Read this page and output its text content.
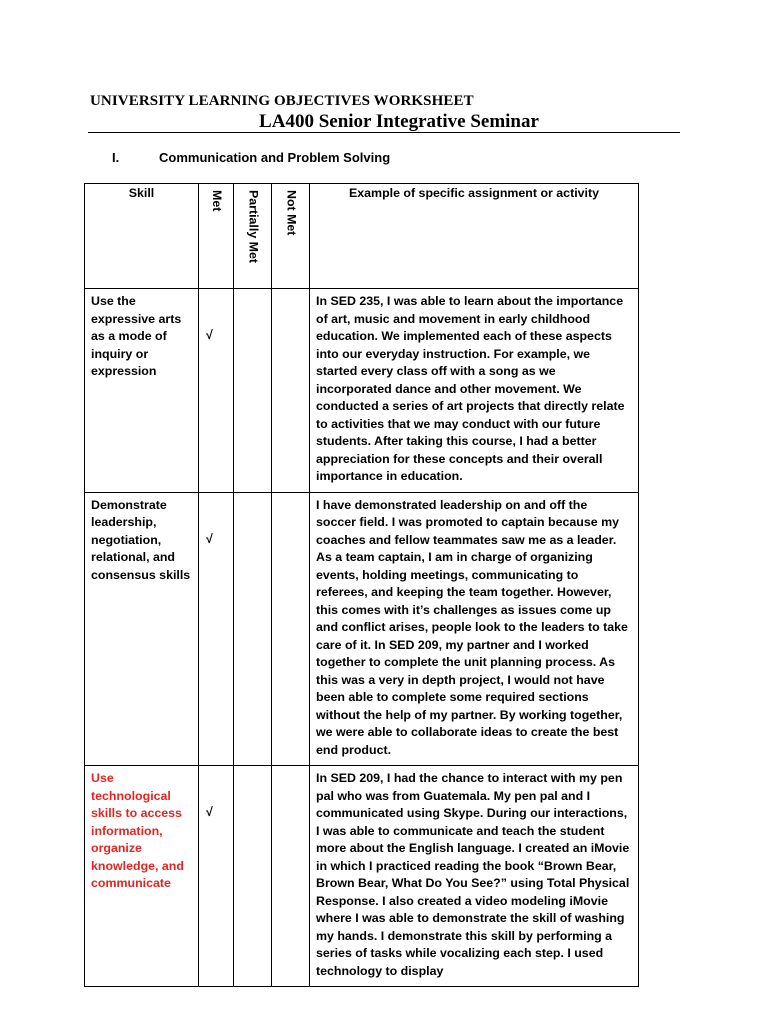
UNIVERSITY LEARNING OBJECTIVES WORKSHEET
LA400 Senior Integrative Seminar
I.	Communication and Problem Solving
Skill	Met	Partially Met	Not Met	Example of specific assignment or activity
Use the expressive arts as a mode of inquiry or expression	√			In SED 235, I was able to learn about the importance of art, music and movement in early childhood education. We implemented each of these aspects into our everyday instruction. For example, we started every class off with a song as we incorporated dance and other movement. We conducted a series of art projects that directly relate to activities that we may conduct with our future students. After taking this course, I had a better appreciation for these concepts and their overall importance in education.
Demonstrate leadership, negotiation, relational, and consensus skills	√			I have demonstrated leadership on and off the soccer field. I was promoted to captain because my coaches and fellow teammates saw me as a leader. As a team captain, I am in charge of organizing events, holding meetings, communicating to referees, and keeping the team together. However, this comes with it’s challenges as issues come up and conflict arises, people look to the leaders to take care of it. In SED 209, my partner and I worked together to complete the unit planning process. As this was a very in depth project, I would not have been able to complete some required sections without the help of my partner. By working together, we were able to collaborate ideas to create the best end product.
Use technological skills to access information, organize knowledge, and communicate	√			In SED 209, I had the chance to interact with my pen pal who was from Guatemala. My pen pal and I communicated using Skype. During our interactions, I was able to communicate and teach the student more about the English language. I created an iMovie in which I practiced reading the book “Brown Bear, Brown Bear, What Do You See?” using Total Physical Response. I also created a video modeling iMovie where I was able to demonstrate the skill of washing my hands. I demonstrate this skill by performing a series of tasks while vocalizing each step. I used technology to display
